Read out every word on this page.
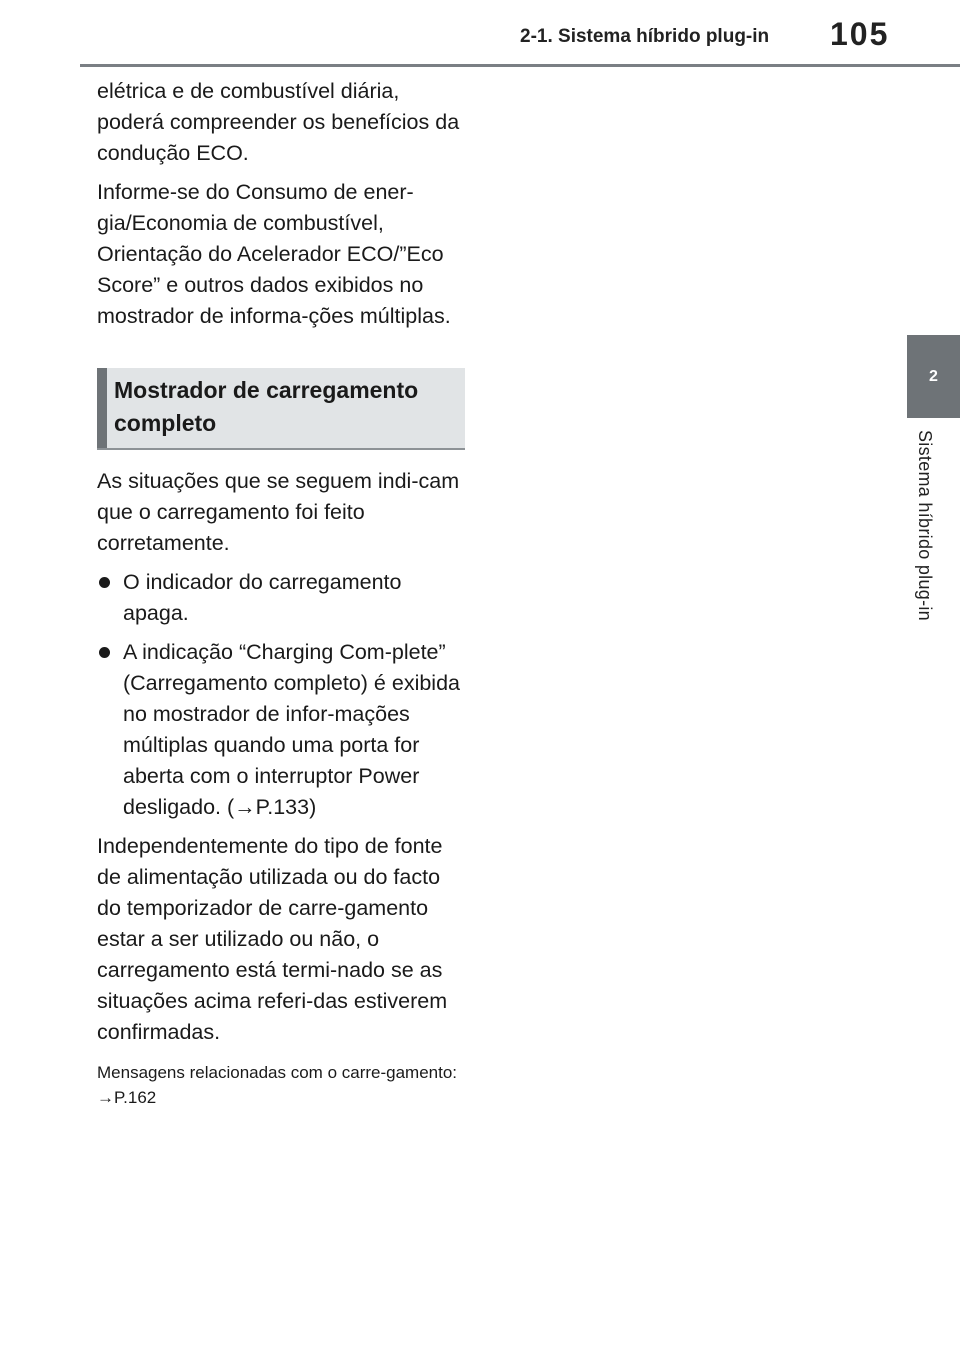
2-1. Sistema híbrido plug-in 105
2
Sistema híbrido plug-in

elétrica e de combustível diária, poderá compreender os benefícios da condução ECO.

Informe-se do Consumo de ener-gia/Economia de combustível, Orientação do Acelerador ECO/”Eco Score” e outros dados exibidos no mostrador de informa-ções múltiplas.

Mostrador de carregamento completo

As situações que se seguem indi-cam que o carregamento foi feito corretamente.

O indicador do carregamento apaga.
A indicação “Charging Com-plete” (Carregamento completo) é exibida no mostrador de infor-mações múltiplas quando uma porta for aberta com o interruptor Power desligado. (→P.133)

Independentemente do tipo de fonte de alimentação utilizada ou do facto do temporizador de carre-gamento estar a ser utilizado ou não, o carregamento está termi-nado se as situações acima referi-das estiverem confirmadas.

Mensagens relacionadas com o carre-gamento: →P.162
